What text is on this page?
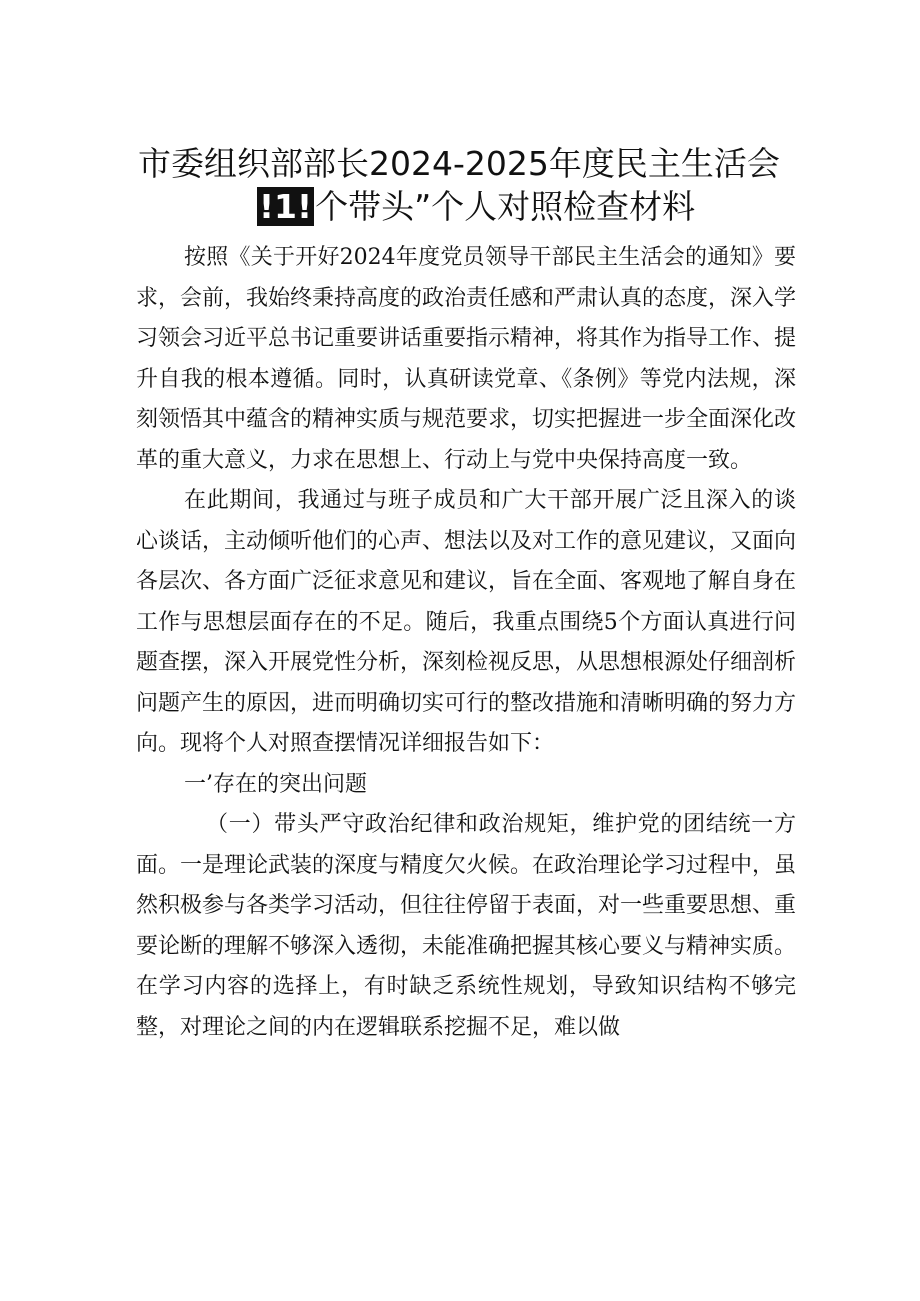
市委组织部部长2024-2025年度民主生活会
!1!个带头”个人对照检查材料

按照《关于开好2024年度党员领导干部民主生活会的通知》要求，会前，我始终秉持高度的政治责任感和严肃认真的态度，深入学习领会习近平总书记重要讲话重要指示精神，将其作为指导工作、提升自我的根本遵循。同时，认真研读党章、《条例》等党内法规，深刻领悟其中蕴含的精神实质与规范要求，切实把握进一步全面深化改革的重大意义，力求在思想上、行动上与党中央保持高度一致。

在此期间，我通过与班子成员和广大干部开展广泛且深入的谈心谈话，主动倾听他们的心声、想法以及对工作的意见建议，又面向各层次、各方面广泛征求意见和建议，旨在全面、客观地了解自身在工作与思想层面存在的不足。随后，我重点围绕5个方面认真进行问题查摆，深入开展党性分析，深刻检视反思，从思想根源处仔细剖析问题产生的原因，进而明确切实可行的整改措施和清晰明确的努力方向。现将个人对照查摆情况详细报告如下：

一’存在的突出问题

（一）带头严守政治纪律和政治规矩，维护党的团结统一方面。一是理论武装的深度与精度欠火候。在政治理论学习过程中，虽然积极参与各类学习活动，但往往停留于表面，对一些重要思想、重要论断的理解不够深入透彻，未能准确把握其核心要义与精神实质。在学习内容的选择上，有时缺乏系统性规划，导致知识结构不够完整，对理论之间的内在逻辑联系挖掘不足，难以做
